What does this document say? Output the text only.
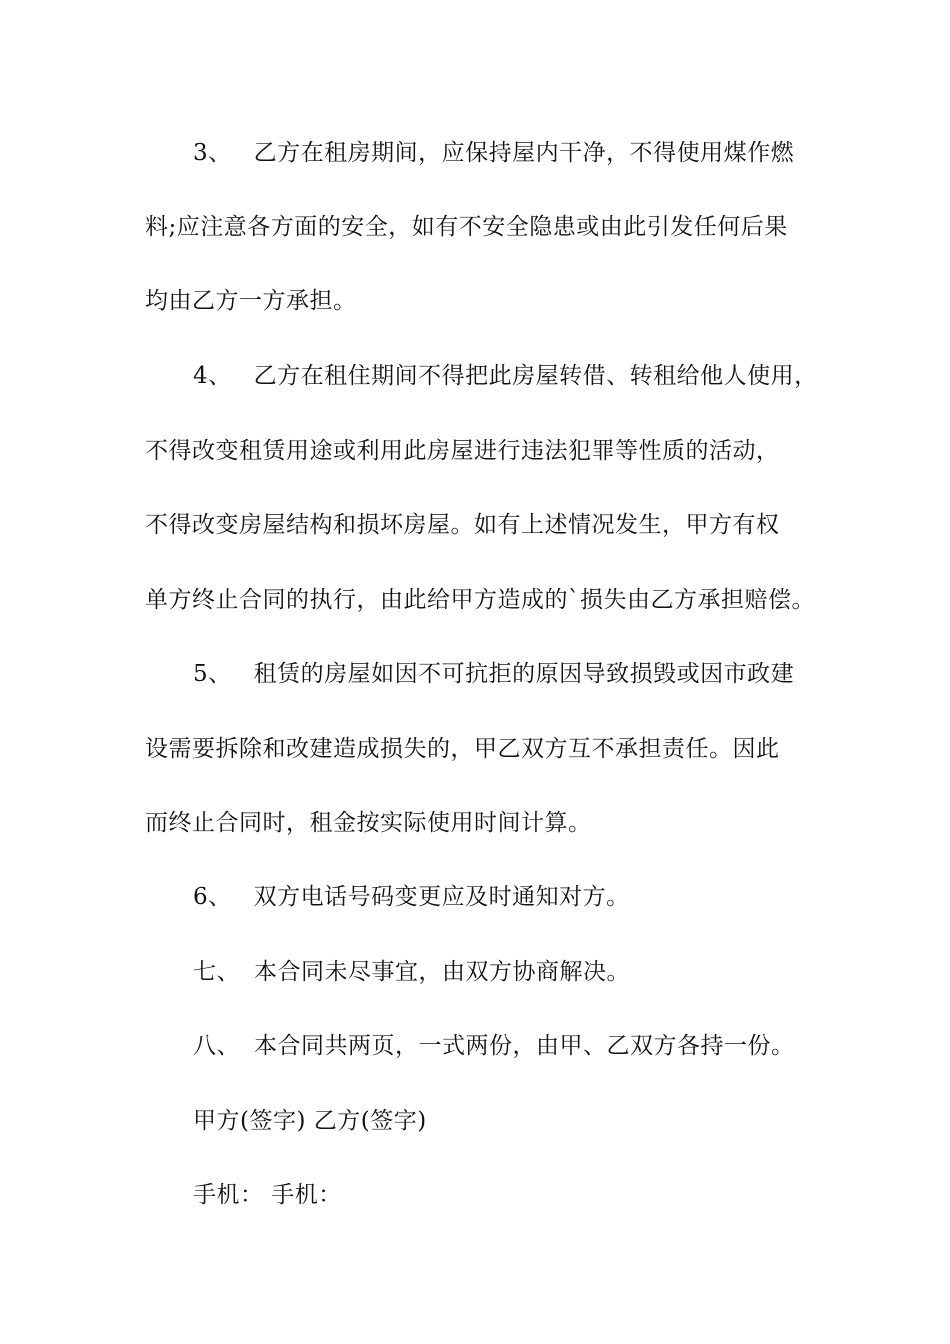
3、 乙方在租房期间，应保持屋内干净，不得使用煤作燃
料;应注意各方面的安全，如有不安全隐患或由此引发任何后果
均由乙方一方承担。
4、 乙方在租住期间不得把此房屋转借、转租给他人使用，
不得改变租赁用途或利用此房屋进行违法犯罪等性质的活动，
不得改变房屋结构和损坏房屋。如有上述情况发生，甲方有权
单方终止合同的执行，由此给甲方造成的`损失由乙方承担赔偿。
5、 租赁的房屋如因不可抗拒的原因导致损毁或因市政建
设需要拆除和改建造成损失的，甲乙双方互不承担责任。因此
而终止合同时，租金按实际使用时间计算。
6、 双方电话号码变更应及时通知对方。
七、 本合同未尽事宜，由双方协商解决。
八、 本合同共两页，一式两份，由甲、乙双方各持一份。
甲方(签字) 乙方(签字)
手机： 手机：
